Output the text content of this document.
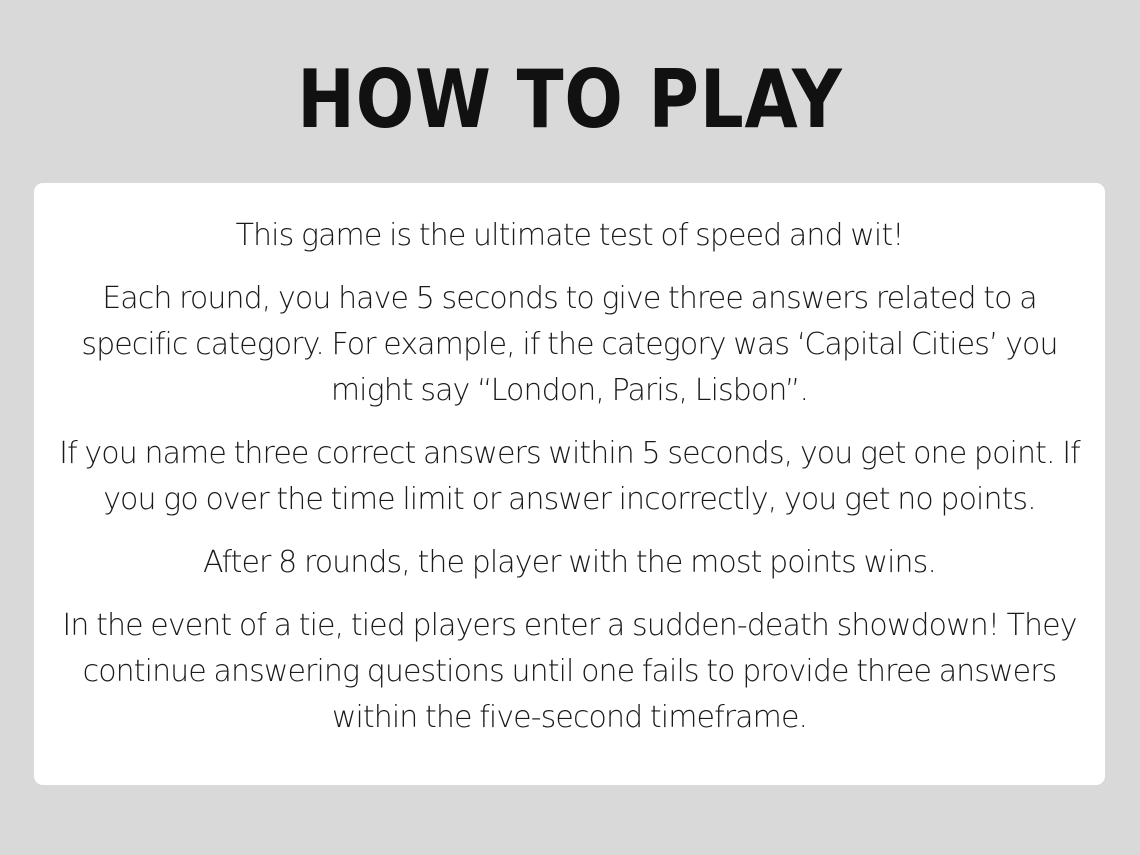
HOW TO PLAY

This game is the ultimate test of speed and wit!

Each round, you have 5 seconds to give three answers related to a specific category. For example, if the category was ‘Capital Cities’ you might say “London, Paris, Lisbon”.

If you name three correct answers within 5 seconds, you get one point. If you go over the time limit or answer incorrectly, you get no points.

After 8 rounds, the player with the most points wins.

In the event of a tie, tied players enter a sudden-death showdown! They continue answering questions until one fails to provide three answers within the five-second timeframe.
